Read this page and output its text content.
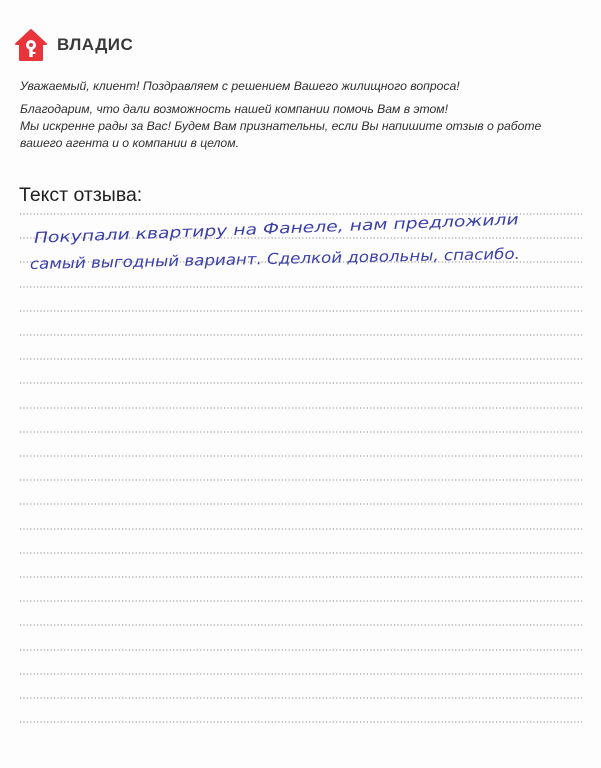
ВЛАДИС

Уважаемый, клиент! Поздравляем с решением Вашего жилищного вопроса!

Благодарим, что дали возможность нашей компании помочь Вам в этом!

Мы искренне рады за Вас! Будем Вам признательны, если Вы напишите отзыв о работе

вашего агента и о компании в целом.

Текст отзыва:
Покупали квартиру на Фанеле, нам предложили
самый выгодный вариант. Сделкой довольны, спасибо.
